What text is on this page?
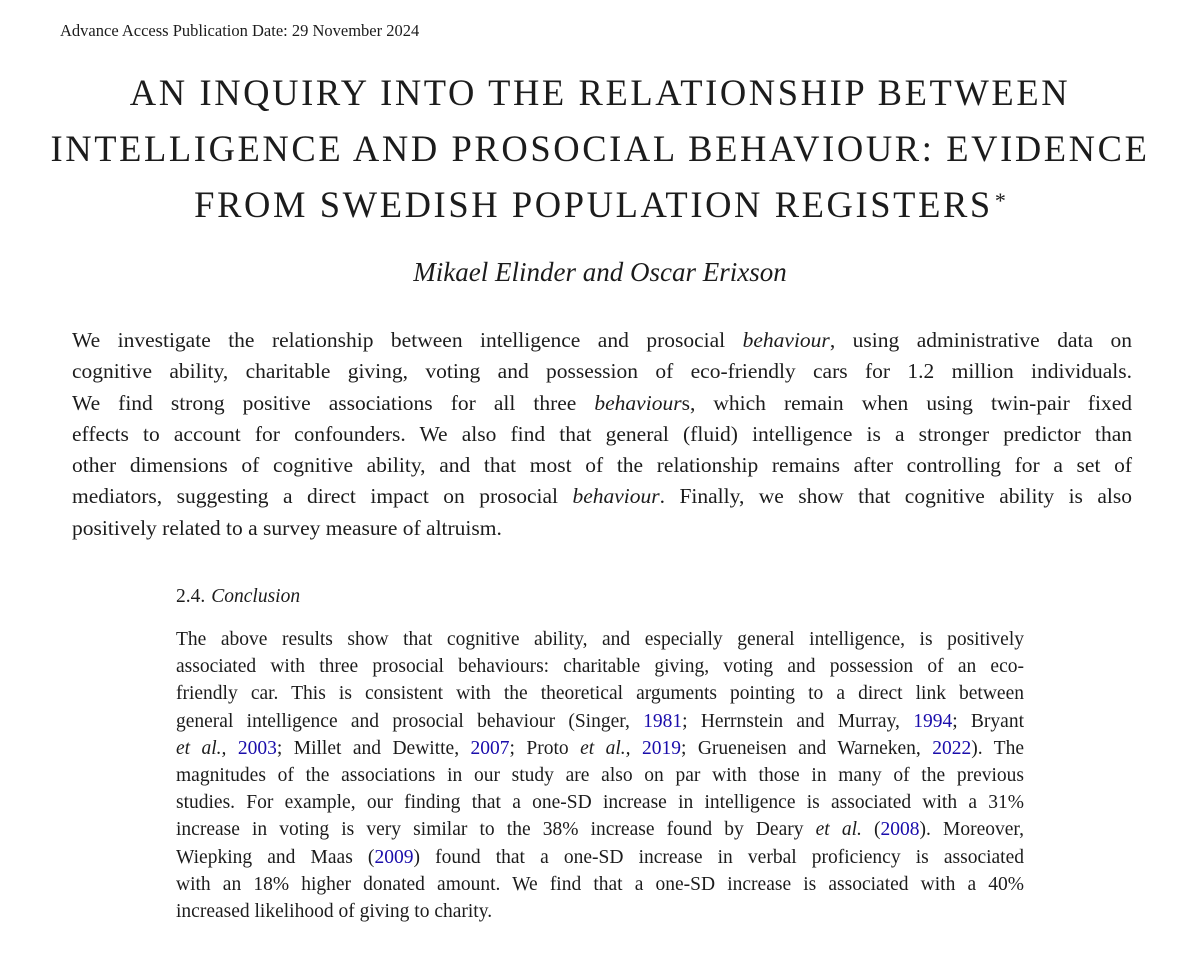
Advance Access Publication Date: 29 November 2024
AN INQUIRY INTO THE RELATIONSHIP BETWEEN
INTELLIGENCE AND PROSOCIAL BEHAVIOUR: EVIDENCE
FROM SWEDISH POPULATION REGISTERS*
Mikael Elinder and Oscar Erixson
We investigate the relationship between intelligence and prosocial behaviour, using administrative data on
cognitive ability, charitable giving, voting and possession of eco-friendly cars for 1.2 million individuals.
We find strong positive associations for all three behaviours, which remain when using twin-pair fixed
effects to account for confounders. We also find that general (fluid) intelligence is a stronger predictor than
other dimensions of cognitive ability, and that most of the relationship remains after controlling for a set of
mediators, suggesting a direct impact on prosocial behaviour. Finally, we show that cognitive ability is also
positively related to a survey measure of altruism.
2.4. Conclusion
The above results show that cognitive ability, and especially general intelligence, is positively
associated with three prosocial behaviours: charitable giving, voting and possession of an eco-
friendly car. This is consistent with the theoretical arguments pointing to a direct link between
general intelligence and prosocial behaviour (Singer, 1981; Herrnstein and Murray, 1994; Bryant
et al., 2003; Millet and Dewitte, 2007; Proto et al., 2019; Grueneisen and Warneken, 2022). The
magnitudes of the associations in our study are also on par with those in many of the previous
studies. For example, our finding that a one-SD increase in intelligence is associated with a 31%
increase in voting is very similar to the 38% increase found by Deary et al. (2008). Moreover,
Wiepking and Maas (2009) found that a one-SD increase in verbal proficiency is associated
with an 18% higher donated amount. We find that a one-SD increase is associated with a 40%
increased likelihood of giving to charity.
